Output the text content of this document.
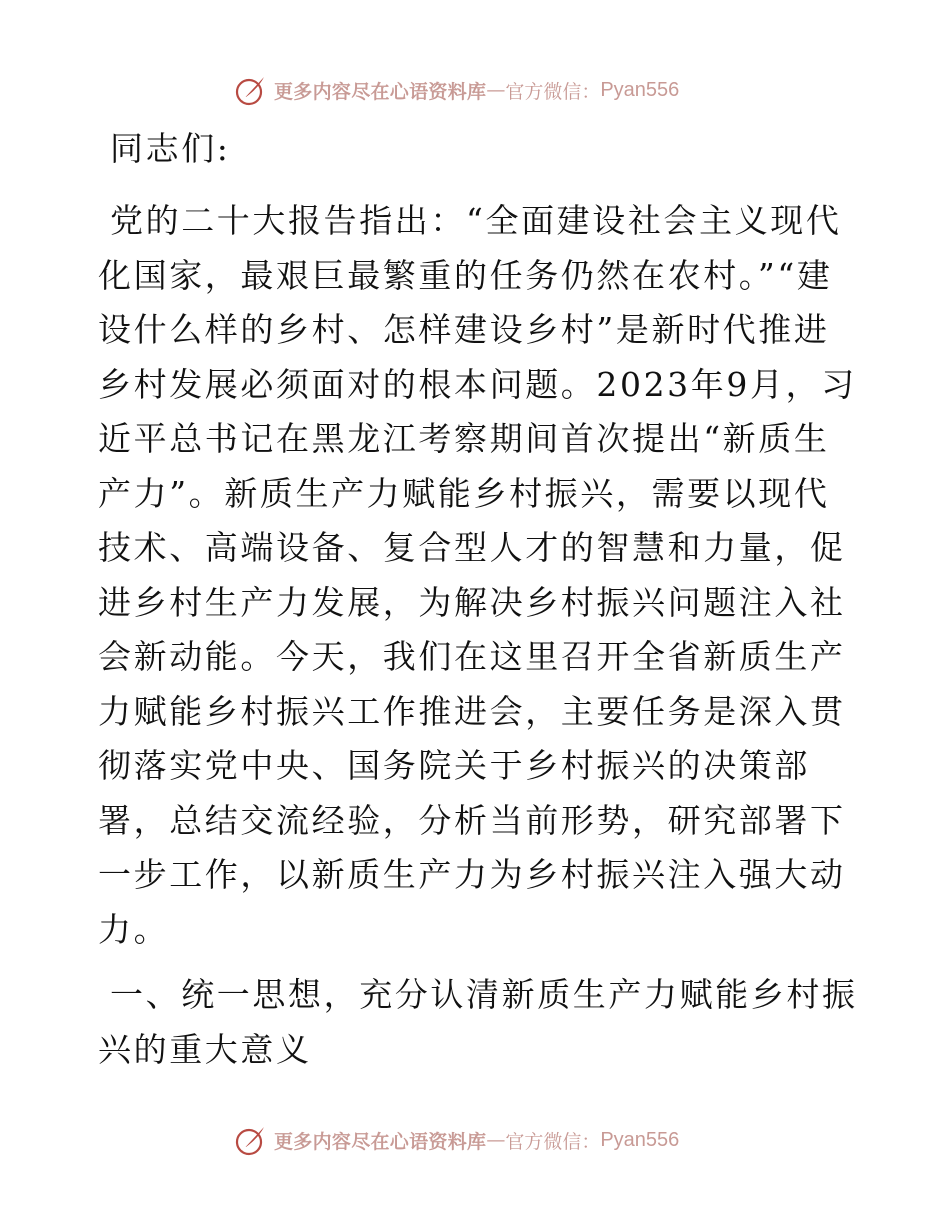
更多内容尽在心语资料库 — 官方微信： Pyan556

同志们:

党的二十大报告指出：“全面建设社会主义现代化国家，最艰巨最繁重的任务仍然在农村。”“建设什么样的乡村、怎样建设乡村”是新时代推进乡村发展必须面对的根本问题。2023年9月，习近平总书记在黑龙江考察期间首次提出“新质生产力”。新质生产力赋能乡村振兴，需要以现代技术、高端设备、复合型人才的智慧和力量，促进乡村生产力发展，为解决乡村振兴问题注入社会新动能。今天，我们在这里召开全省新质生产力赋能乡村振兴工作推进会，主要任务是深入贯彻落实党中央、国务院关于乡村振兴的决策部署，总结交流经验，分析当前形势，研究部署下一步工作，以新质生产力为乡村振兴注入强大动力。

一、统一思想，充分认清新质生产力赋能乡村振兴的重大意义

更多内容尽在心语资料库 — 官方微信： Pyan556
